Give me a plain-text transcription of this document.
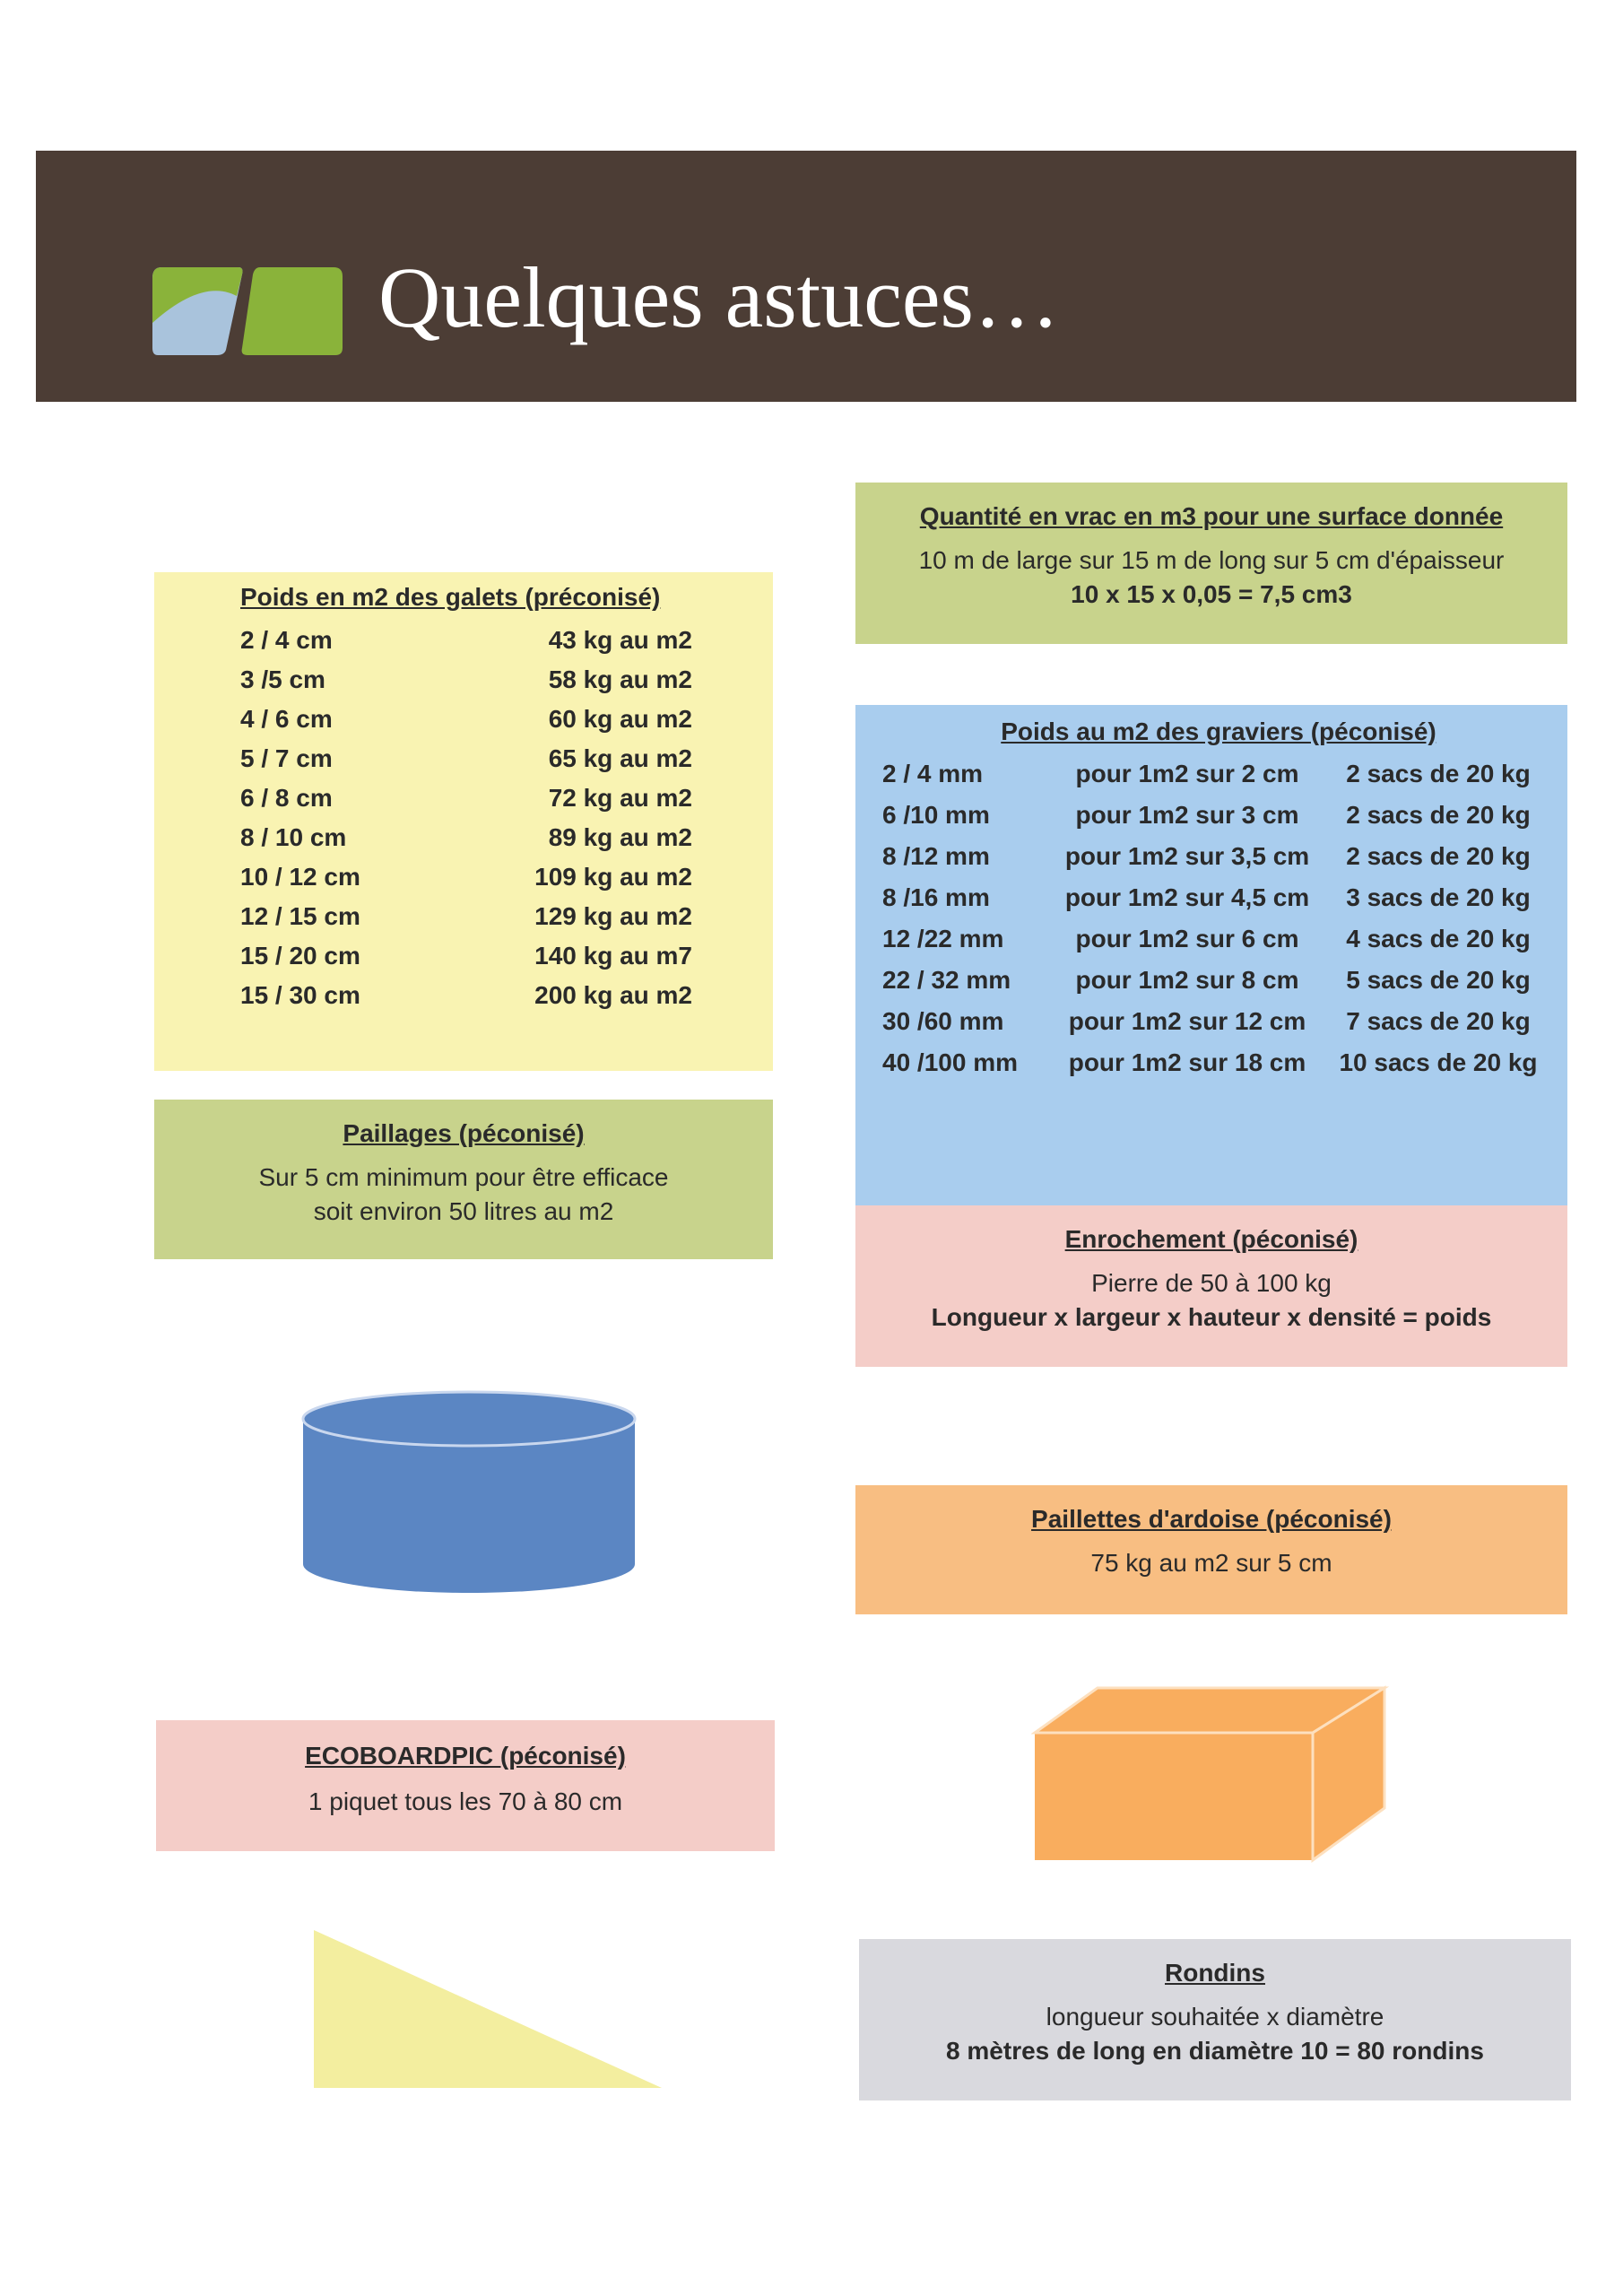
Quelques astuces…
Quantité en vrac en m3 pour une surface donnée
10 m de large sur 15 m de long sur 5 cm d'épaisseur
10 x 15 x 0,05 = 7,5 cm3
Poids en m2 des galets (préconisé)
2 / 4 cm	43 kg au m2
3 /5 cm	58 kg au m2
4 / 6 cm	60 kg au m2
5 / 7 cm	65 kg au m2
6 / 8 cm	72 kg au m2
8 / 10 cm	89 kg au m2
10 / 12 cm	109 kg au m2
12 / 15 cm	129 kg au m2
15 / 20 cm	140 kg au m7
15 / 30 cm	200 kg au m2
Poids au m2 des graviers (péconisé)
2 / 4 mm	pour 1m2 sur 2 cm	2 sacs de 20 kg
6 /10 mm	pour 1m2 sur 3 cm	2 sacs de 20 kg
8 /12 mm	pour 1m2 sur 3,5 cm	2 sacs de 20 kg
8 /16 mm	pour 1m2 sur 4,5 cm	3 sacs de 20 kg
12 /22 mm	pour 1m2 sur 6 cm	4 sacs de 20 kg
22 / 32 mm	pour 1m2 sur 8 cm	5 sacs de 20 kg
30 /60 mm	pour 1m2 sur 12 cm	7 sacs de 20 kg
40 /100 mm	pour 1m2 sur 18 cm	10 sacs de 20 kg
Paillages (péconisé)
Sur 5 cm minimum pour être efficace
soit environ 50 litres au m2
Enrochement (péconisé)
Pierre de 50 à 100 kg
Longueur x largeur x hauteur x densité = poids
Paillettes d'ardoise (péconisé)
75 kg au m2 sur 5 cm
ECOBOARDPIC (péconisé)
1 piquet tous les 70 à 80 cm
Rondins
longueur souhaitée x diamètre
8 mètres de long en diamètre 10 = 80 rondins
